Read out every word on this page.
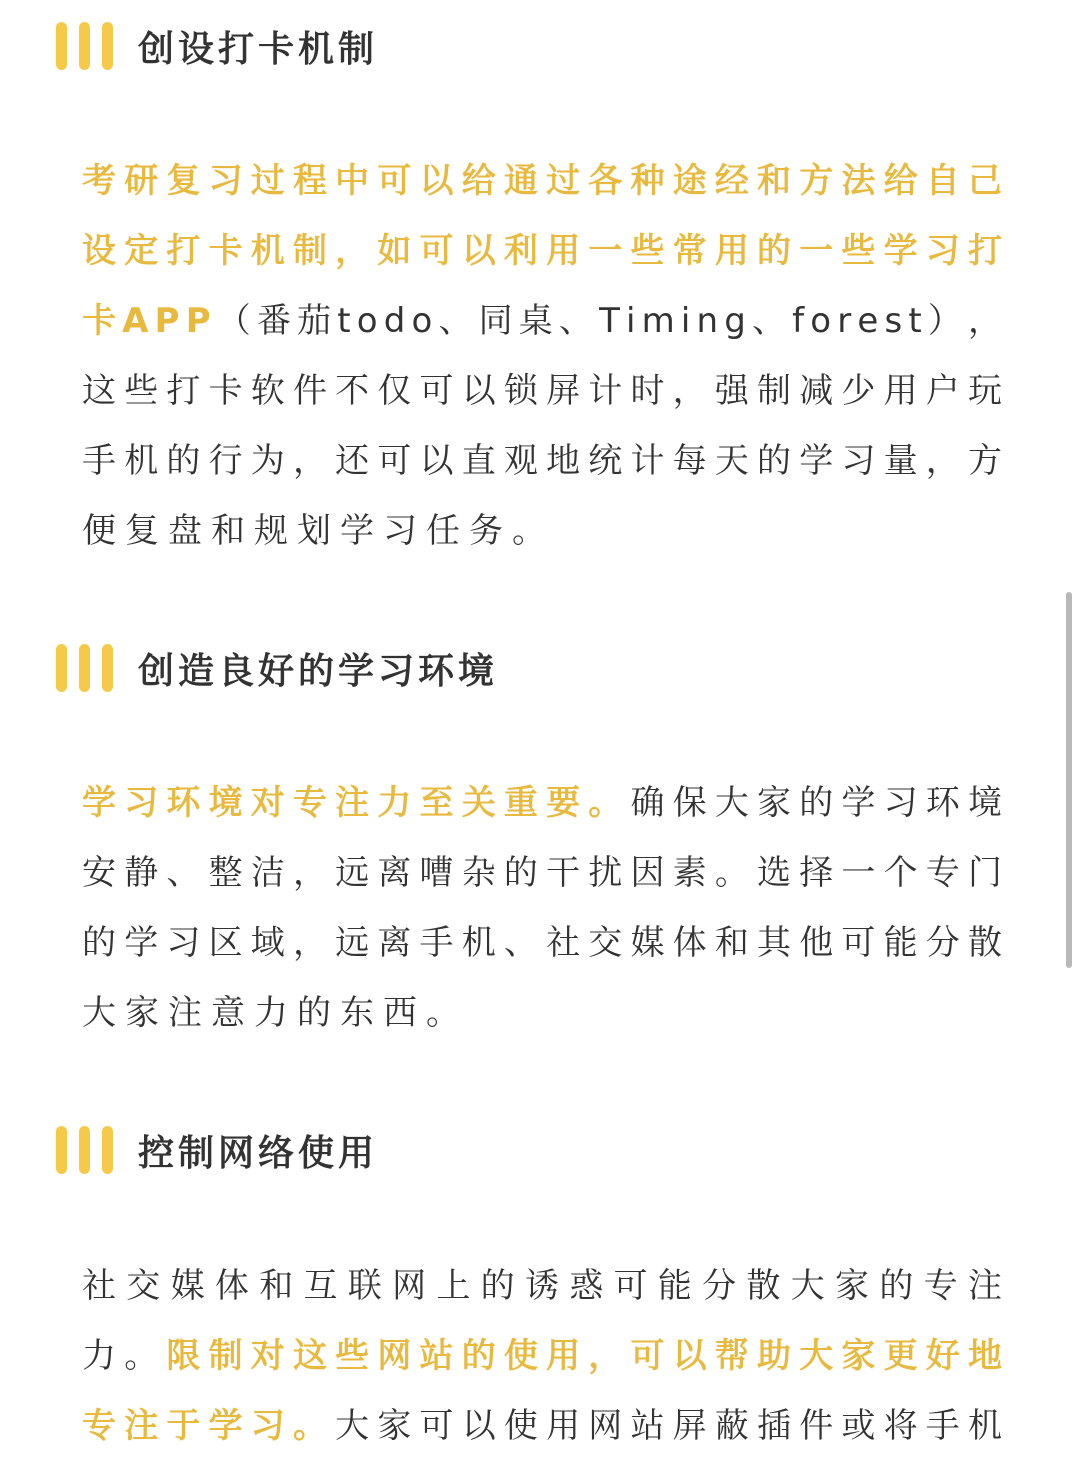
创设打卡机制
考 研 复 习 过 程 中 可 以 给 通 过 各 种 途 经 和 方 法 给 自 己
设 定 打 卡 机 制 ， 如 可 以 利 用 一 些 常 用 的 一 些 学 习 打
卡 A P P （ 番 茄 t o d o 、 同 桌 、 T i m i n g 、 f o r e s t ） ，
这 些 打 卡 软 件 不 仅 可 以 锁 屏 计 时 ， 强 制 减 少 用 户 玩
手 机 的 行 为 ， 还 可 以 直 观 地 统 计 每 天 的 学 习 量 ， 方
便复盘和规划学习任务。
创造良好的学习环境
学 习 环 境 对 专 注 力 至 关 重 要 。 确 保 大 家 的 学 习 环 境
安 静 、 整 洁 ， 远 离 嘈 杂 的 干 扰 因 素 。 选 择 一 个 专 门
的 学 习 区 域 ， 远 离 手 机 、 社 交 媒 体 和 其 他 可 能 分 散
大家注意力的东西。
控制网络使用
社 交 媒 体 和 互 联 网 上 的 诱 惑 可 能 分 散 大 家 的 专 注
力 。 限 制 对 这 些 网 站 的 使 用 ， 可 以 帮 助 大 家 更 好 地
专 注 于 学 习 。 大 家 可 以 使 用 网 站 屏 蔽 插 件 或 将 手 机
